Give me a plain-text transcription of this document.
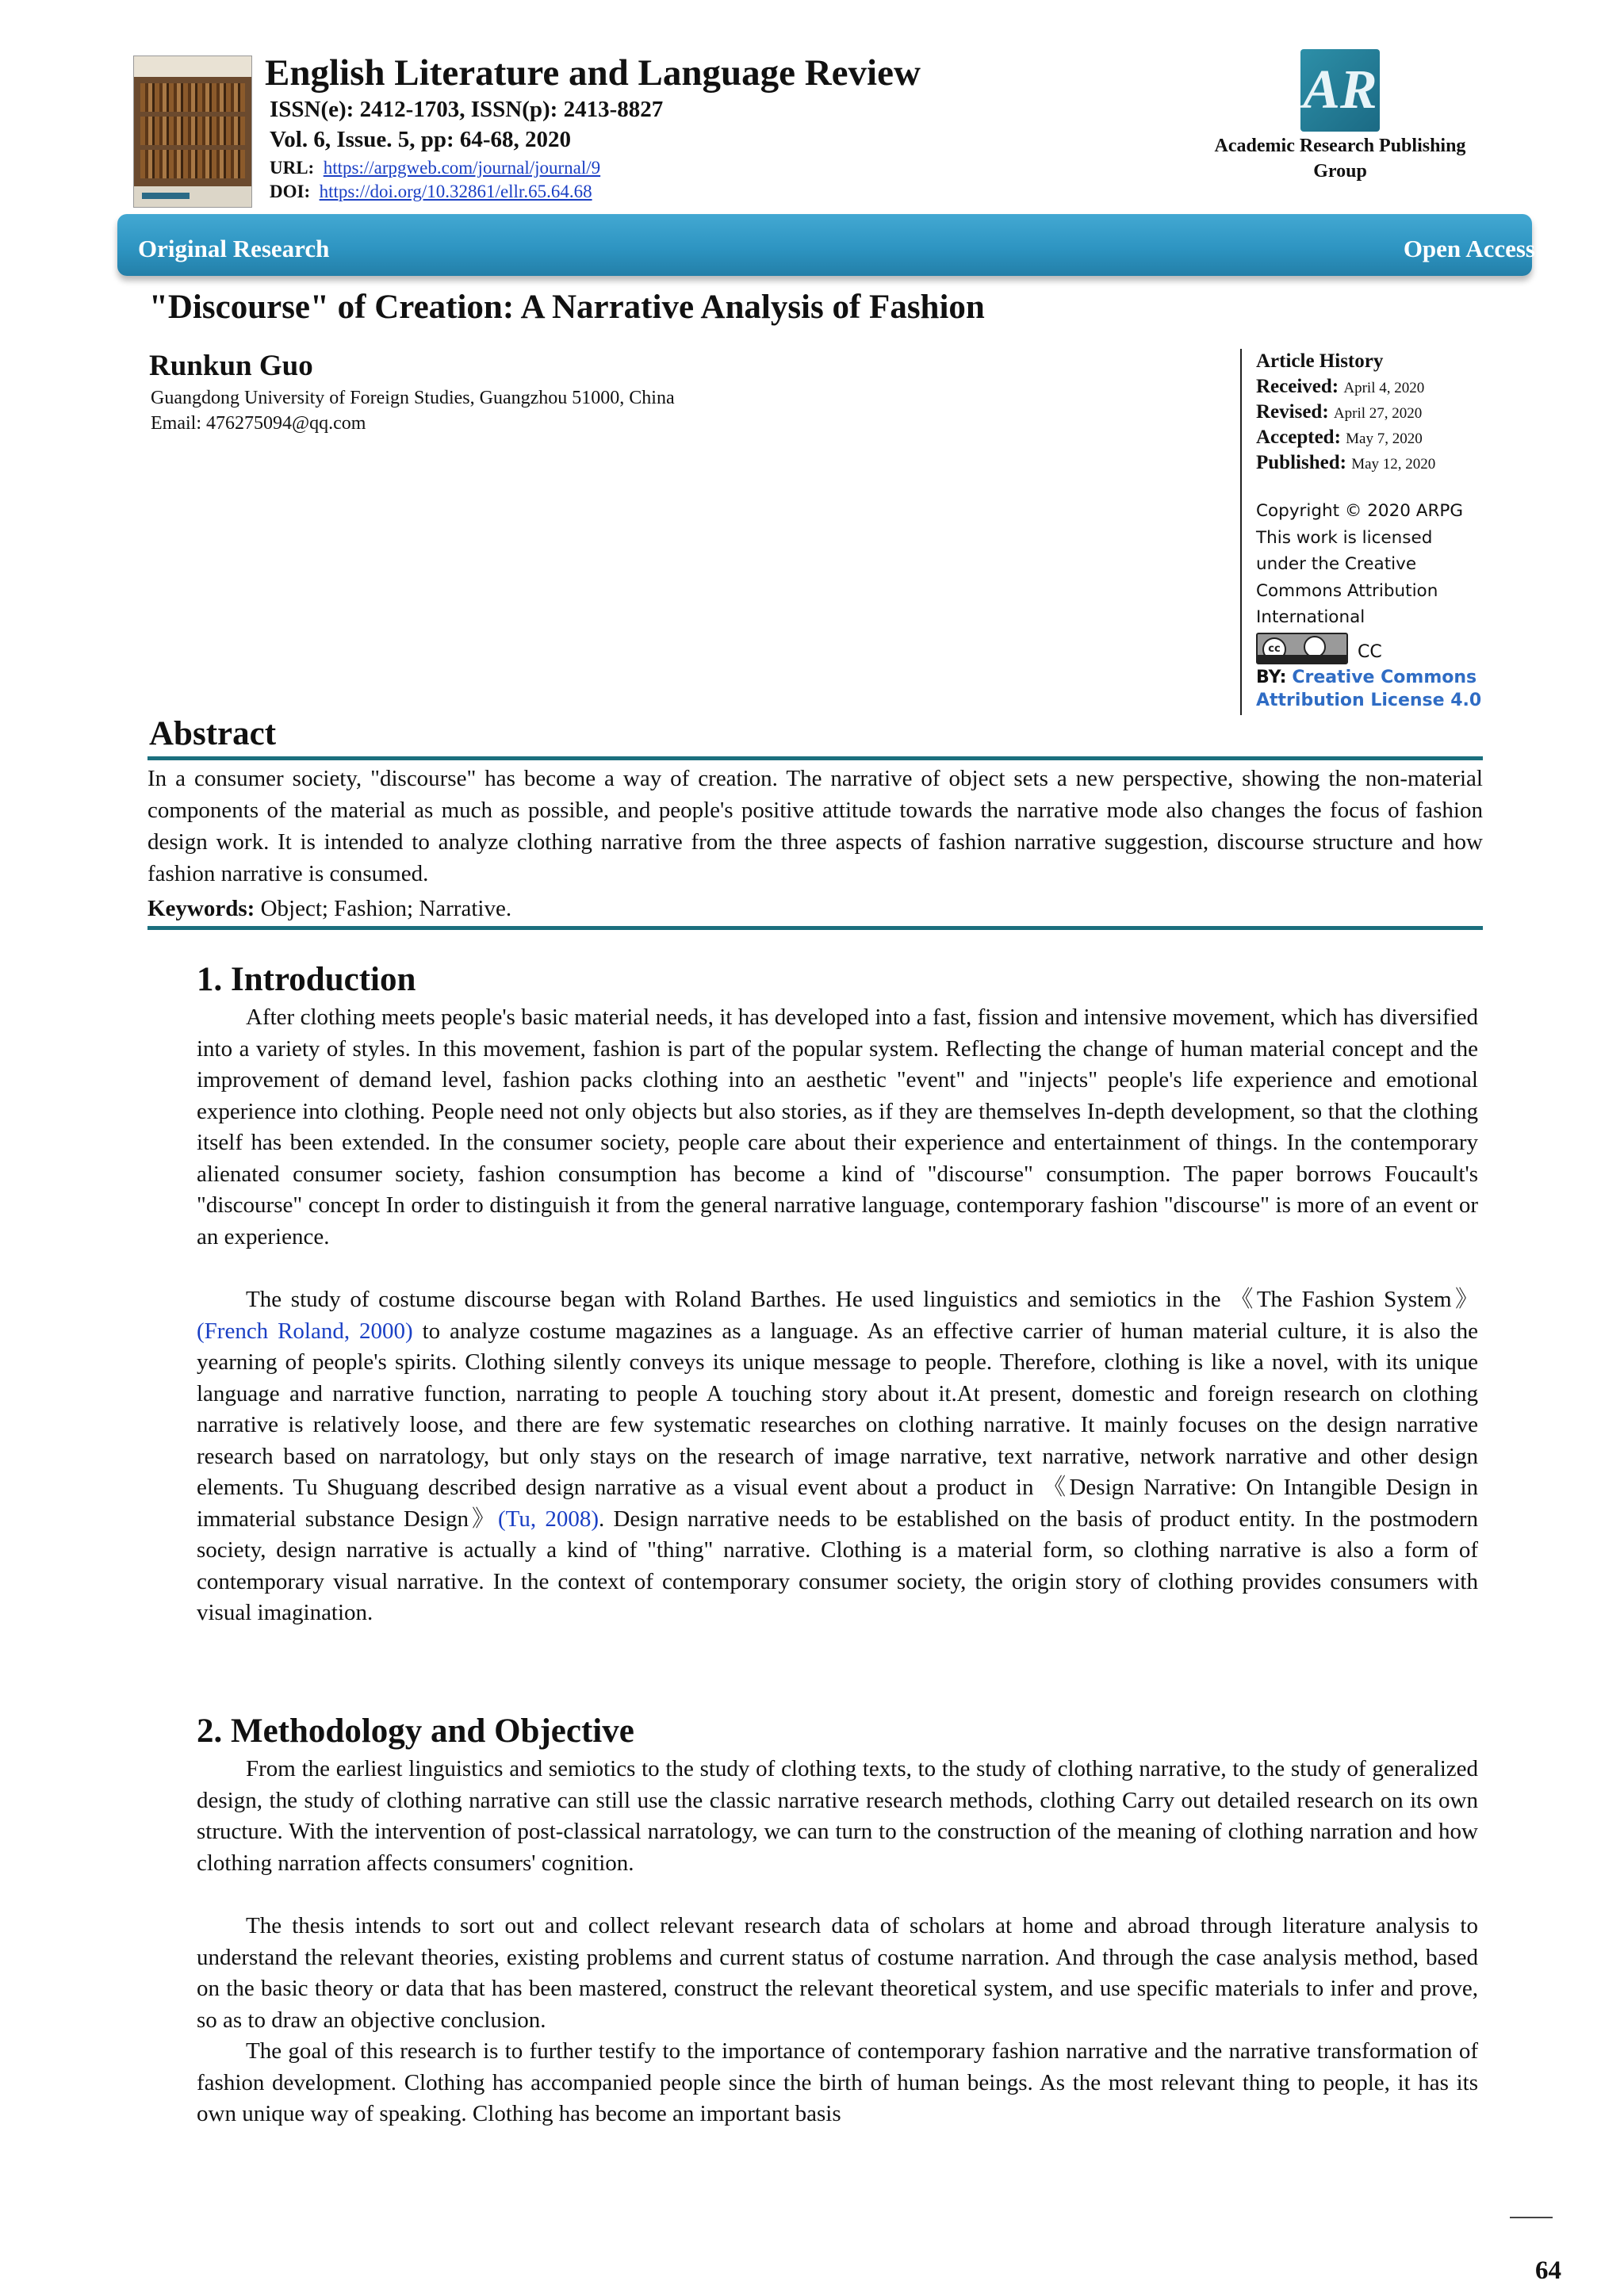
English Literature and Language Review
ISSN(e): 2412-1703, ISSN(p): 2413-8827
Vol. 6, Issue. 5, pp: 64-68, 2020
URL: https://arpgweb.com/journal/journal/9
DOI: https://doi.org/10.32861/ellr.65.64.68
AR
Academic Research Publishing
Group
Original Research	Open Access
"Discourse" of Creation: A Narrative Analysis of Fashion
Runkun Guo
Guangdong University of Foreign Studies, Guangzhou 51000, China
Email: 476275094@qq.com
Article History
Received: April 4, 2020
Revised: April 27, 2020
Accepted: May 7, 2020
Published: May 12, 2020
Copyright © 2020 ARPG
This work is licensed
under the Creative
Commons Attribution
International
cc	CC
BY: Creative Commons
Attribution License 4.0
Abstract
In a consumer society, "discourse" has become a way of creation. The narrative of object sets a new perspective, showing the non-material components of the material as much as possible, and people's positive attitude towards the narrative mode also changes the focus of fashion design work. It is intended to analyze clothing narrative from the three aspects of fashion narrative suggestion, discourse structure and how fashion narrative is consumed.
Keywords: Object; Fashion; Narrative.
1. Introduction
After clothing meets people's basic material needs, it has developed into a fast, fission and intensive movement, which has diversified into a variety of styles. In this movement, fashion is part of the popular system. Reflecting the change of human material concept and the improvement of demand level, fashion packs clothing into an aesthetic "event" and "injects" people's life experience and emotional experience into clothing. People need not only objects but also stories, as if they are themselves In-depth development, so that the clothing itself has been extended. In the consumer society, people care about their experience and entertainment of things. In the contemporary alienated consumer society, fashion consumption has become a kind of "discourse" consumption. The paper borrows Foucault's "discourse" concept In order to distinguish it from the general narrative language, contemporary fashion "discourse" is more of an event or an experience.
The study of costume discourse began with Roland Barthes. He used linguistics and semiotics in the 《The Fashion System》(French Roland, 2000) to analyze costume magazines as a language. As an effective carrier of human material culture, it is also the yearning of people's spirits. Clothing silently conveys its unique message to people. Therefore, clothing is like a novel, with its unique language and narrative function, narrating to people A touching story about it.At present, domestic and foreign research on clothing narrative is relatively loose, and there are few systematic researches on clothing narrative. It mainly focuses on the design narrative research based on narratology, but only stays on the research of image narrative, text narrative, network narrative and other design elements. Tu Shuguang described design narrative as a visual event about a product in 《Design Narrative: On Intangible Design in immaterial substance Design》(Tu, 2008). Design narrative needs to be established on the basis of product entity. In the postmodern society, design narrative is actually a kind of "thing" narrative. Clothing is a material form, so clothing narrative is also a form of contemporary visual narrative. In the context of contemporary consumer society, the origin story of clothing provides consumers with visual imagination.
2. Methodology and Objective
From the earliest linguistics and semiotics to the study of clothing texts, to the study of clothing narrative, to the study of generalized design, the study of clothing narrative can still use the classic narrative research methods, clothing Carry out detailed research on its own structure. With the intervention of post-classical narratology, we can turn to the construction of the meaning of clothing narration and how clothing narration affects consumers' cognition.
The thesis intends to sort out and collect relevant research data of scholars at home and abroad through literature analysis to understand the relevant theories, existing problems and current status of costume narration. And through the case analysis method, based on the basic theory or data that has been mastered, construct the relevant theoretical system, and use specific materials to infer and prove, so as to draw an objective conclusion.
The goal of this research is to further testify to the importance of contemporary fashion narrative and the narrative transformation of fashion development. Clothing has accompanied people since the birth of human beings. As the most relevant thing to people, it has its own unique way of speaking. Clothing has become an important basis
64
